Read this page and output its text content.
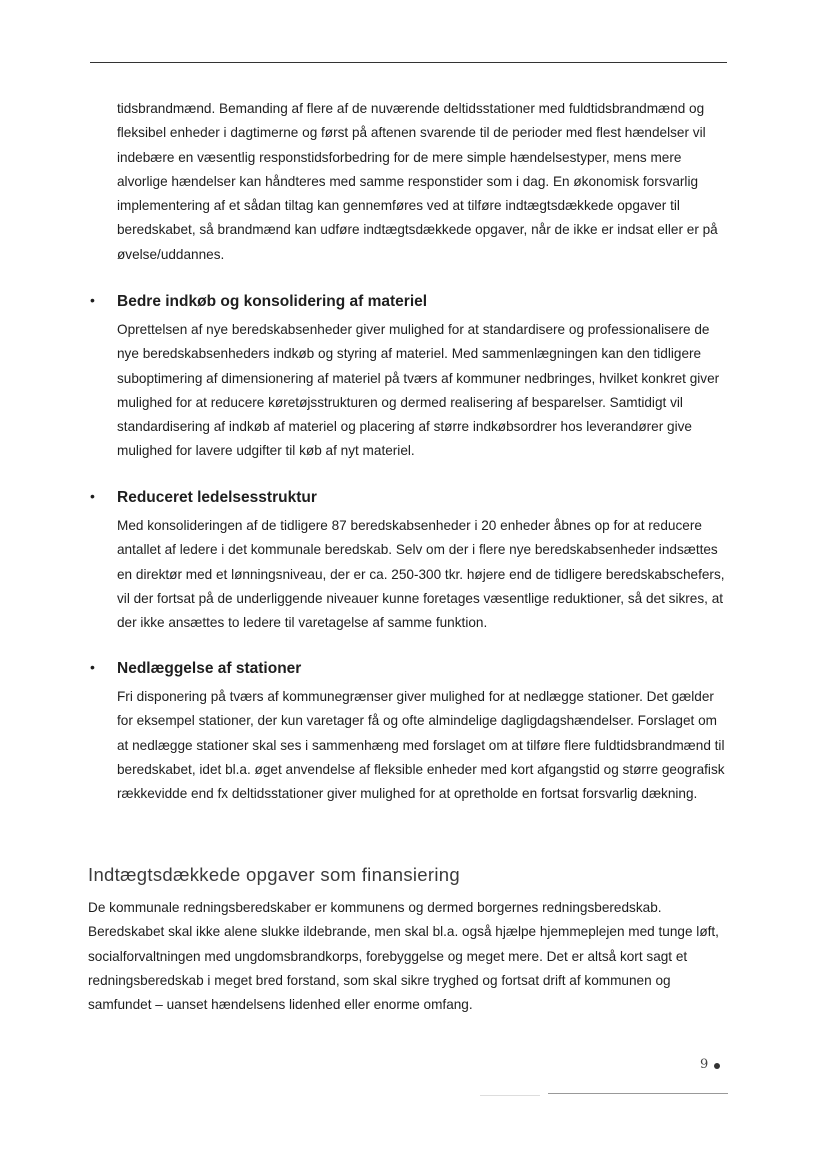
tidsbrandmænd. Bemanding af flere af de nuværende deltidsstationer med fuldtidsbrandmænd og fleksibel enheder i dagtimerne og først på aftenen svarende til de perioder med flest hændelser vil indebære en væsentlig responstidsforbedring for de mere simple hændelsestyper, mens mere alvorlige hændelser kan håndteres med samme responstider som i dag. En økonomisk forsvarlig implementering af et sådan tiltag kan gennemføres ved at tilføre indtægtsdækkede opgaver til beredskabet, så brandmænd kan udføre indtægtsdækkede opgaver, når de ikke er indsat eller er på øvelse/uddannes.

• Bedre indkøb og konsolidering af materiel

Oprettelsen af nye beredskabsenheder giver mulighed for at standardisere og professionalisere de nye beredskabsenheders indkøb og styring af materiel. Med sammenlægningen kan den tidligere suboptimering af dimensionering af materiel på tværs af kommuner nedbringes, hvilket konkret giver mulighed for at reducere køretøjsstrukturen og dermed realisering af besparelser. Samtidigt vil standardisering af indkøb af materiel og placering af større indkøbsordrer hos leverandører give mulighed for lavere udgifter til køb af nyt materiel.

• Reduceret ledelsesstruktur

Med konsolideringen af de tidligere 87 beredskabsenheder i 20 enheder åbnes op for at reducere antallet af ledere i det kommunale beredskab. Selv om der i flere nye beredskabsenheder indsættes en direktør med et lønningsniveau, der er ca. 250-300 tkr. højere end de tidligere beredskabschefers, vil der fortsat på de underliggende niveauer kunne foretages væsentlige reduktioner, så det sikres, at der ikke ansættes to ledere til varetagelse af samme funktion.

• Nedlæggelse af stationer

Fri disponering på tværs af kommunegrænser giver mulighed for at nedlægge stationer. Det gælder for eksempel stationer, der kun varetager få og ofte almindelige dagligdagshændelser. Forslaget om at nedlægge stationer skal ses i sammenhæng med forslaget om at tilføre flere fuldtidsbrandmænd til beredskabet, idet bl.a. øget anvendelse af fleksible enheder med kort afgangstid og større geografisk rækkevidde end fx deltidsstationer giver mulighed for at opretholde en fortsat forsvarlig dækning.

Indtægtsdækkede opgaver som finansiering

De kommunale redningsberedskaber er kommunens og dermed borgernes redningsberedskab. Beredskabet skal ikke alene slukke ildebrande, men skal bl.a. også hjælpe hjemmeplejen med tunge løft, socialforvaltningen med ungdomsbrandkorps, forebyggelse og meget mere. Det er altså kort sagt et redningsberedskab i meget bred forstand, som skal sikre tryghed og fortsat drift af kommunen og samfundet – uanset hændelsens lidenhed eller enorme omfang.

9
